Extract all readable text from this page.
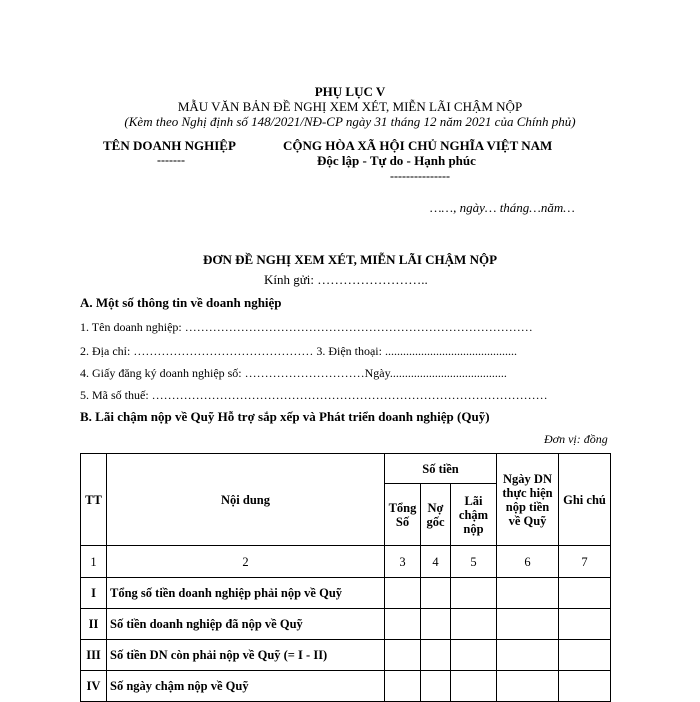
PHỤ LỤC V
MẪU VĂN BẢN ĐỀ NGHỊ XEM XÉT, MIỄN LÃI CHẬM NỘP
(Kèm theo Nghị định số 148/2021/NĐ-CP ngày 31 tháng 12 năm 2021 của Chính phủ)
TÊN DOANH NGHIỆP
-------
CỘNG HÒA XÃ HỘI CHỦ NGHĨA VIỆT NAM
Độc lập - Tự do - Hạnh phúc
---------------
……, ngày… tháng…năm…
ĐƠN ĐỀ NGHỊ XEM XÉT, MIỄN LÃI CHẬM NỘP
Kính gửi: ……………………..
A. Một số thông tin về doanh nghiệp
1. Tên doanh nghiệp: ……………………………………………………………………………
2. Địa chỉ: ……………………………………… 3. Điện thoại: ............................................
4. Giấy đăng ký doanh nghiệp số: …………………………Ngày.......................................
5. Mã số thuế: ………………………………………………………………………………………
B. Lãi chậm nộp về Quỹ Hỗ trợ sắp xếp và Phát triển doanh nghiệp (Quỹ)
Đơn vị: đồng
TT	Nội dung	Số tiền			Ngày DN thực hiện nộp tiền về Quỹ	Ghi chú
		Tổng Số	Nợ gốc	Lãi chậm nộp		
1	2	3	4	5	6	7
I	Tổng số tiền doanh nghiệp phải nộp về Quỹ					
II	Số tiền doanh nghiệp đã nộp về Quỹ					
III	Số tiền DN còn phải nộp về Quỹ (= I - II)					
IV	Số ngày chậm nộp về Quỹ					
